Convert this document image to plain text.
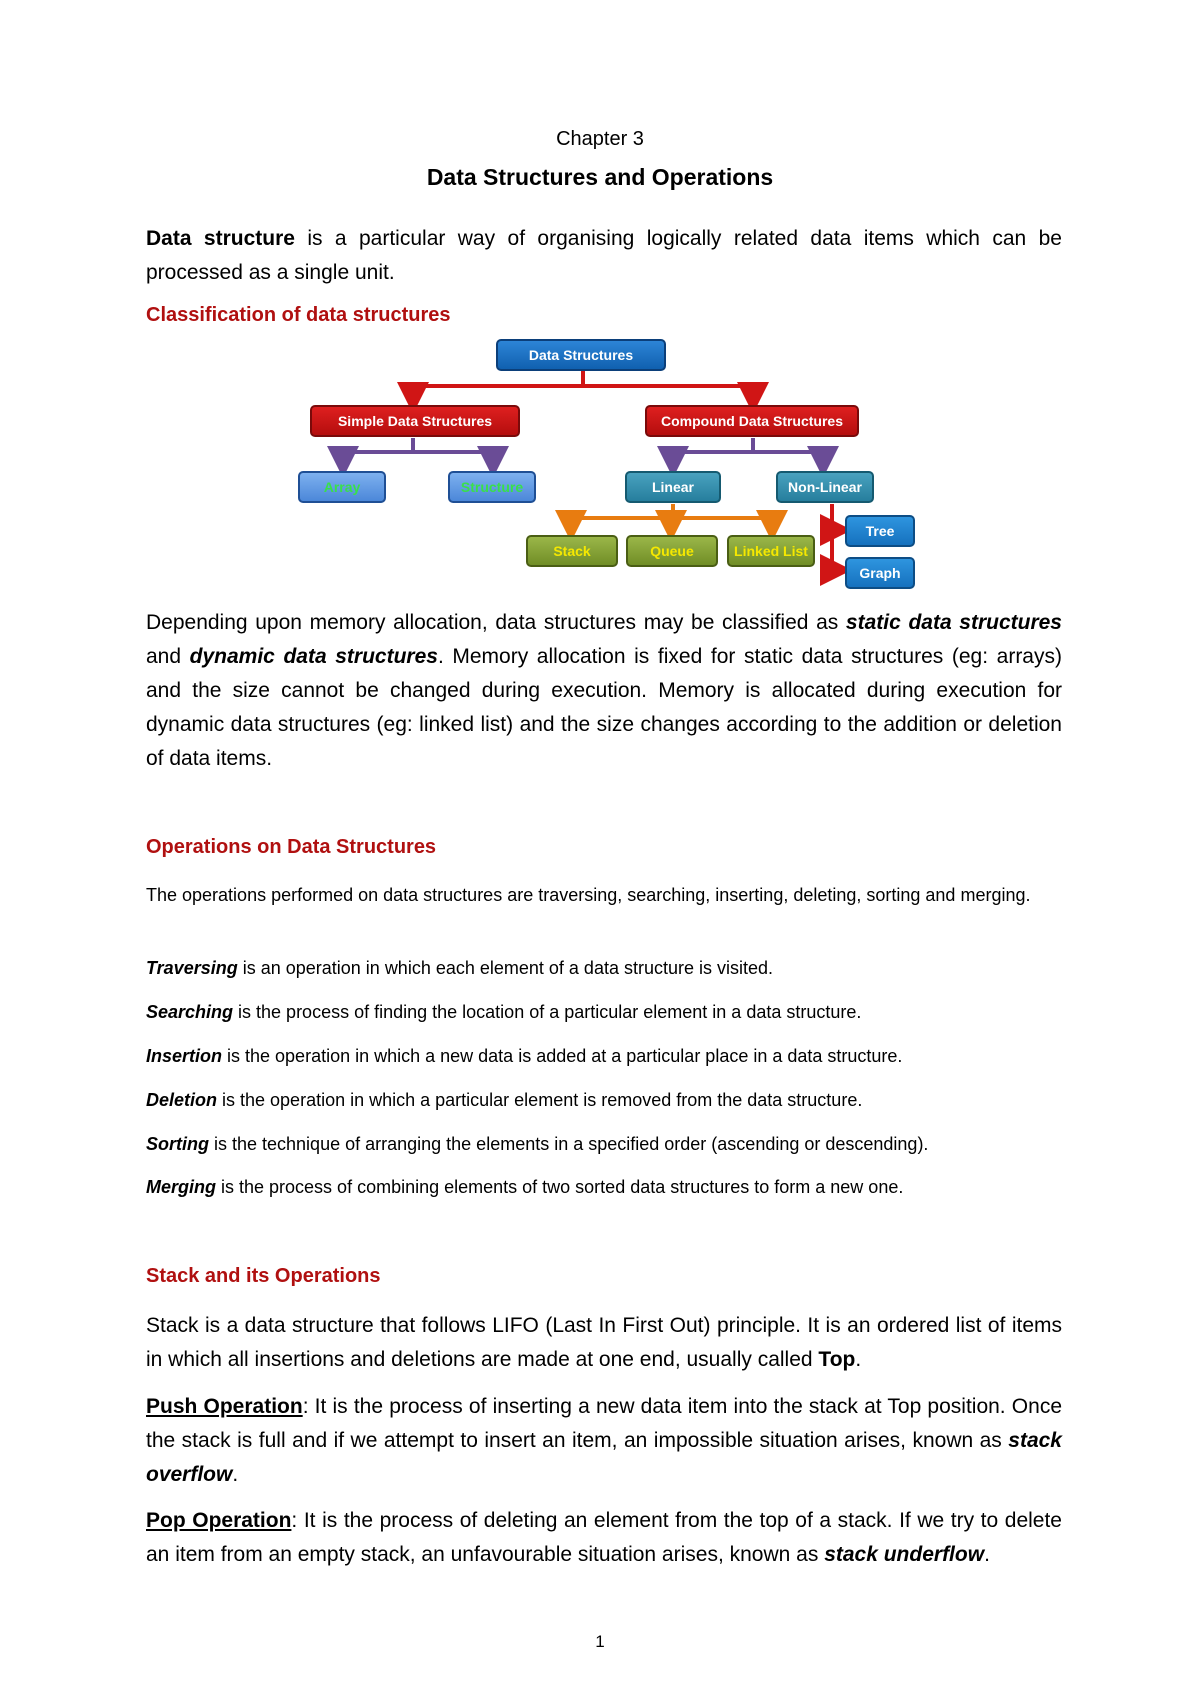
Chapter 3
Data Structures and Operations
Data structure is a particular way of organising logically related data items which can be processed as a single unit.
Classification of data structures
Data Structures
Simple Data Structures	Compound Data Structures
Array	Structure	Linear	Non-Linear
Stack	Queue	Linked List
Tree
Graph
Depending upon memory allocation, data structures may be classified as static data structures and dynamic data structures. Memory allocation is fixed for static data structures (eg: arrays) and the size cannot be changed during execution. Memory is allocated during execution for dynamic data structures (eg: linked list) and the size changes according to the addition or deletion of data items.
Operations on Data Structures
The operations performed on data structures are traversing, searching, inserting, deleting, sorting and merging.
Traversing is an operation in which each element of a data structure is visited.
Searching is the process of finding the location of a particular element in a data structure.
Insertion is the operation in which a new data is added at a particular place in a data structure.
Deletion is the operation in which a particular element is removed from the data structure.
Sorting is the technique of arranging the elements in a specified order (ascending or descending).
Merging is the process of combining elements of two sorted data structures to form a new one.
Stack and its Operations
Stack is a data structure that follows LIFO (Last In First Out) principle. It is an ordered list of items in which all insertions and deletions are made at one end, usually called Top.
Push Operation: It is the process of inserting a new data item into the stack at Top position. Once the stack is full and if we attempt to insert an item, an impossible situation arises, known as stack overflow.
Pop Operation: It is the process of deleting an element from the top of a stack. If we try to delete an item from an empty stack, an unfavourable situation arises, known as stack underflow.
1
